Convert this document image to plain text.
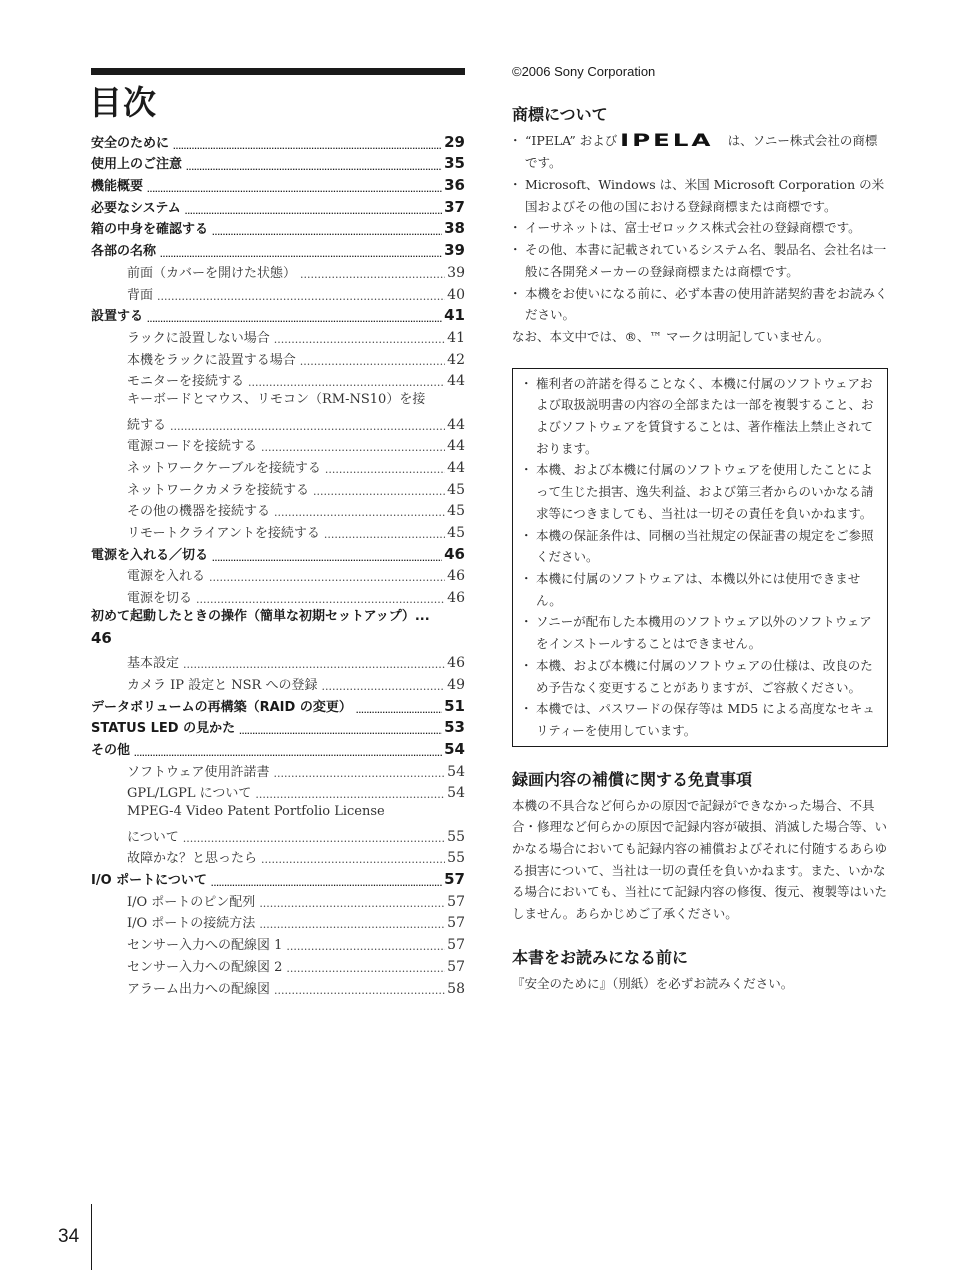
目次
安全のために .....	29
使用上のご注意 .....	35
機能概要 .....	36
必要なシステム .....	37
箱の中身を確認する .....	38
各部の名称 .....	39
前面（カバーを開けた状態） .....	39
背面 .....	40
設置する .....	41
ラックに設置しない場合 .....	41
本機をラックに設置する場合 .....	42
モニターを接続する .....	44
キーボードとマウス、リモコン（RM-NS10）を接
続する .....	44
電源コードを接続する .....	44
ネットワークケーブルを接続する .....	44
ネットワークカメラを接続する .....	45
その他の機器を接続する .....	45
リモートクライアントを接続する .....	45
電源を入れる／切る .....	46
電源を入れる .....	46
電源を切る .....	46
初めて起動したときの操作（簡単な初期セットアップ）...
46
基本設定 .....	46
カメラ IP 設定と NSR への登録 .....	49
データボリュームの再構築（RAID の変更） .....	51
STATUS LED の見かた .....	53
その他 .....	54
ソフトウェア使用許諾書 .....	54
GPL/LGPL について .....	54
MPEG-4 Video Patent Portfolio License
について .....	55
故障かな？と思ったら .....	55
I/O ポートについて .....	57
I/O ポートのピン配列 .....	57
I/O ポートの接続方法 .....	57
センサー入力への配線図 1 .....	57
センサー入力への配線図 2 .....	57
アラーム出力への配線図 .....	58
©2006 Sony Corporation
商標について
・ “IPELA” および IPELA は、ソニー株式会社の商標です。
・ Microsoft、Windows は、米国 Microsoft Corporation の米国およびその他の国における登録商標または商標です。
・ イーサネットは、富士ゼロックス株式会社の登録商標です。
・ その他、本書に記載されているシステム名、製品名、会社名は一般に各開発メーカーの登録商標または商標です。
・ 本機をお使いになる前に、必ず本書の使用許諾契約書をお読みください。
なお、本文中では、®、™ マークは明記していません。
・ 権利者の許諾を得ることなく、本機に付属のソフトウェアおよび取扱説明書の内容の全部または一部を複製すること、およびソフトウェアを賃貸することは、著作権法上禁止されております。
・ 本機、および本機に付属のソフトウェアを使用したことによって生じた損害、逸失利益、および第三者からのいかなる請求等につきましても、当社は一切その責任を負いかねます。
・ 本機の保証条件は、同梱の当社規定の保証書の規定をご参照ください。
・ 本機に付属のソフトウェアは、本機以外には使用できません。
・ ソニーが配布した本機用のソフトウェア以外のソフトウェアをインストールすることはできません。
・ 本機、および本機に付属のソフトウェアの仕様は、改良のため予告なく変更することがありますが、ご容赦ください。
・ 本機では、パスワードの保存等は MD5 による高度なセキュリティーを使用しています。
録画内容の補償に関する免責事項

本機の不具合など何らかの原因で記録ができなかった場合、不具合・修理など何らかの原因で記録内容が破損、消滅した場合等、いかなる場合においても記録内容の補償およびそれに付随するあらゆる損害について、当社は一切の責任を負いかねます。また、いかなる場合においても、当社にて記録内容の修復、復元、複製等はいたしません。あらかじめご了承ください。

本書をお読みになる前に

『安全のために』（別紙）を必ずお読みください。

34
